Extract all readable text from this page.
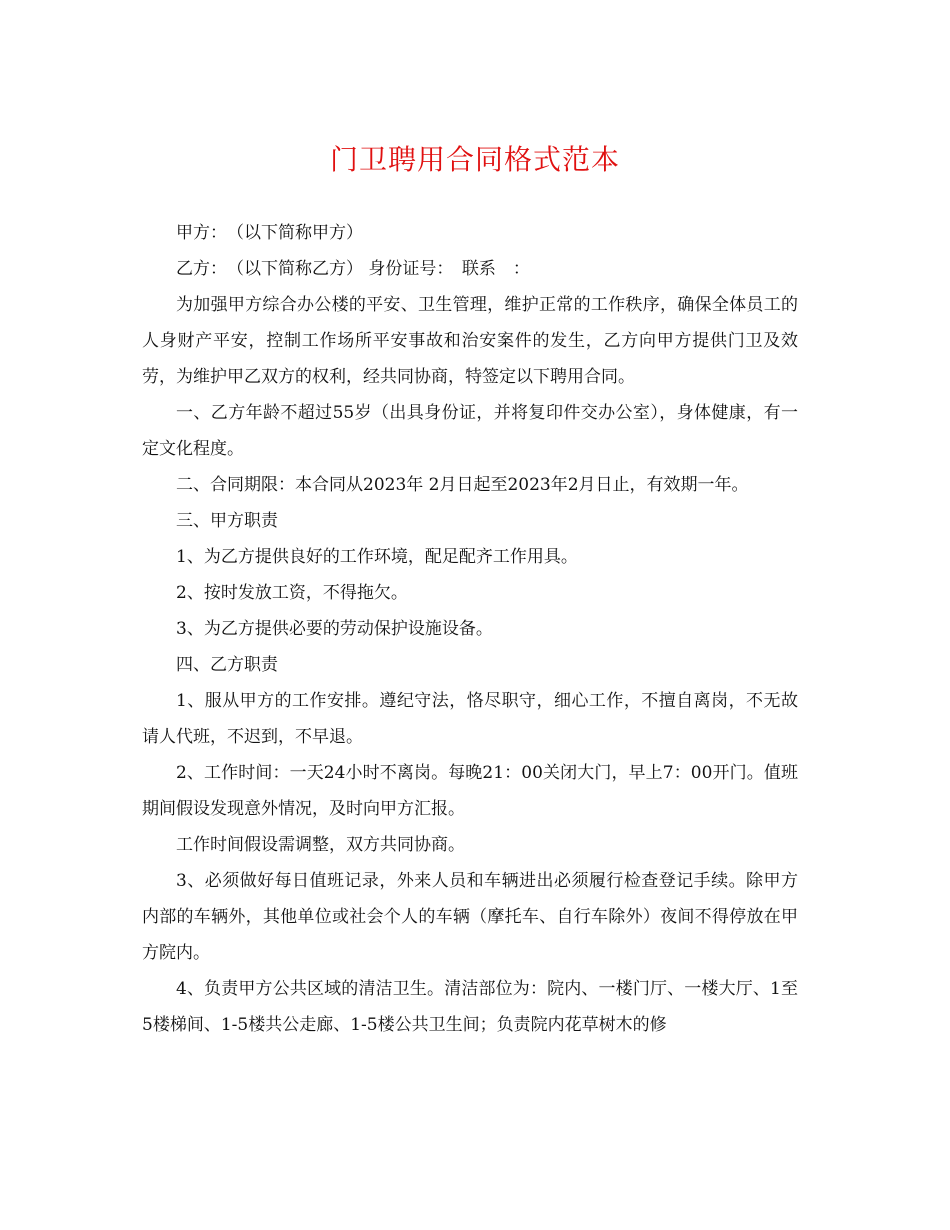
门卫聘用合同格式范本

甲方：　（以下简称甲方）

乙方：　（以下简称乙方） 身份证号：　联系　：

为加强甲方综合办公楼的平安、卫生管理，维护正常的工作秩序，确保全体员工的人身财产平安，控制工作场所平安事故和治安案件的发生，乙方向甲方提供门卫及效劳，为维护甲乙双方的权利，经共同协商，特签定以下聘用合同。

一、乙方年龄不超过55岁（出具身份证，并将复印件交办公室），身体健康，有一定文化程度。

二、合同期限：本合同从2023年 2月日起至2023年2月日止，有效期一年。

三、甲方职责

1、为乙方提供良好的工作环境，配足配齐工作用具。

2、按时发放工资，不得拖欠。

3、为乙方提供必要的劳动保护设施设备。

四、乙方职责

1、服从甲方的工作安排。遵纪守法，恪尽职守，细心工作，不擅自离岗，不无故请人代班，不迟到，不早退。

2、工作时间：一天24小时不离岗。每晚21：00关闭大门，早上7：00开门。值班期间假设发现意外情况，及时向甲方汇报。

工作时间假设需调整，双方共同协商。

3、必须做好每日值班记录，外来人员和车辆进出必须履行检查登记手续。除甲方内部的车辆外，其他单位或社会个人的车辆（摩托车、自行车除外）夜间不得停放在甲方院内。

4、负责甲方公共区域的清洁卫生。清洁部位为：院内、一楼门厅、一楼大厅、1至5楼梯间、1-5楼共公走廊、1-5楼公共卫生间；负责院内花草树木的修
